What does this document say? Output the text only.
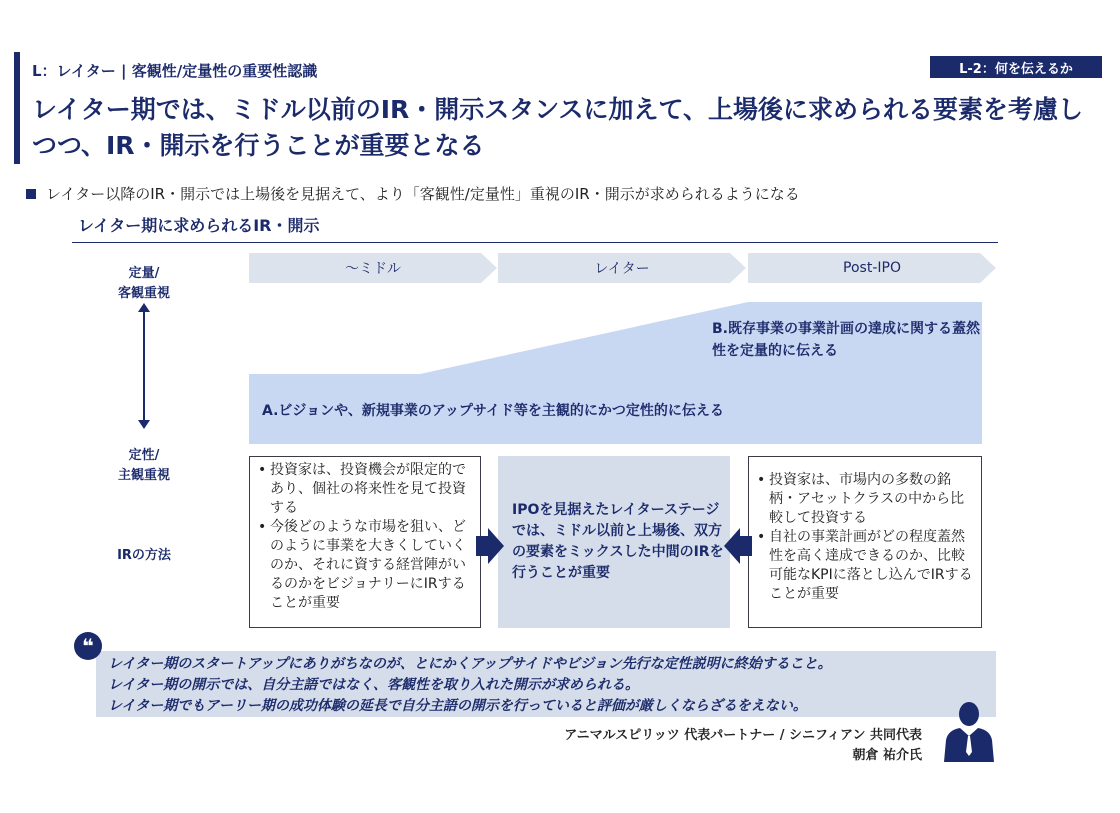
L：レイター | 客観性/定量性の重要性認識	L-2：何を伝えるか
レイター期では、ミドル以前のIR・開示スタンスに加えて、上場後に求められる要素を考慮しつつ、IR・開示を行うことが重要となる
レイター以降のIR・開示では上場後を見据えて、より「客観性/定量性」重視のIR・開示が求められるようになる
レイター期に求められるIR・開示
定量/
客観重視
定性/
主観重視
IRの方法
～ミドル	レイター	Post-IPO
B.既存事業の事業計画の達成に関する蓋然性を定量的に伝える
A.ビジョンや、新規事業のアップサイド等を主観的にかつ定性的に伝える
• 投資家は、投資機会が限定的であり、個社の将来性を見て投資する
• 今後どのような市場を狙い、どのように事業を大きくしていくのか、それに資する経営陣がいるのかをビジョナリーにIRすることが重要
IPOを見据えたレイターステージでは、ミドル以前と上場後、双方の要素をミックスした中間のIRを行うことが重要
• 投資家は、市場内の多数の銘柄・アセットクラスの中から比較して投資する
• 自社の事業計画がどの程度蓋然性を高く達成できるのか、比較可能なKPIに落とし込んでIRすることが重要
❝
レイター期のスタートアップにありがちなのが、とにかくアップサイドやビジョン先行な定性説明に終始すること。
レイター期の開示では、自分主語ではなく、客観性を取り入れた開示が求められる。
レイター期でもアーリー期の成功体験の延長で自分主語の開示を行っていると評価が厳しくならざるをえない。
アニマルスピリッツ 代表パートナー / シニフィアン 共同代表
朝倉 祐介氏
